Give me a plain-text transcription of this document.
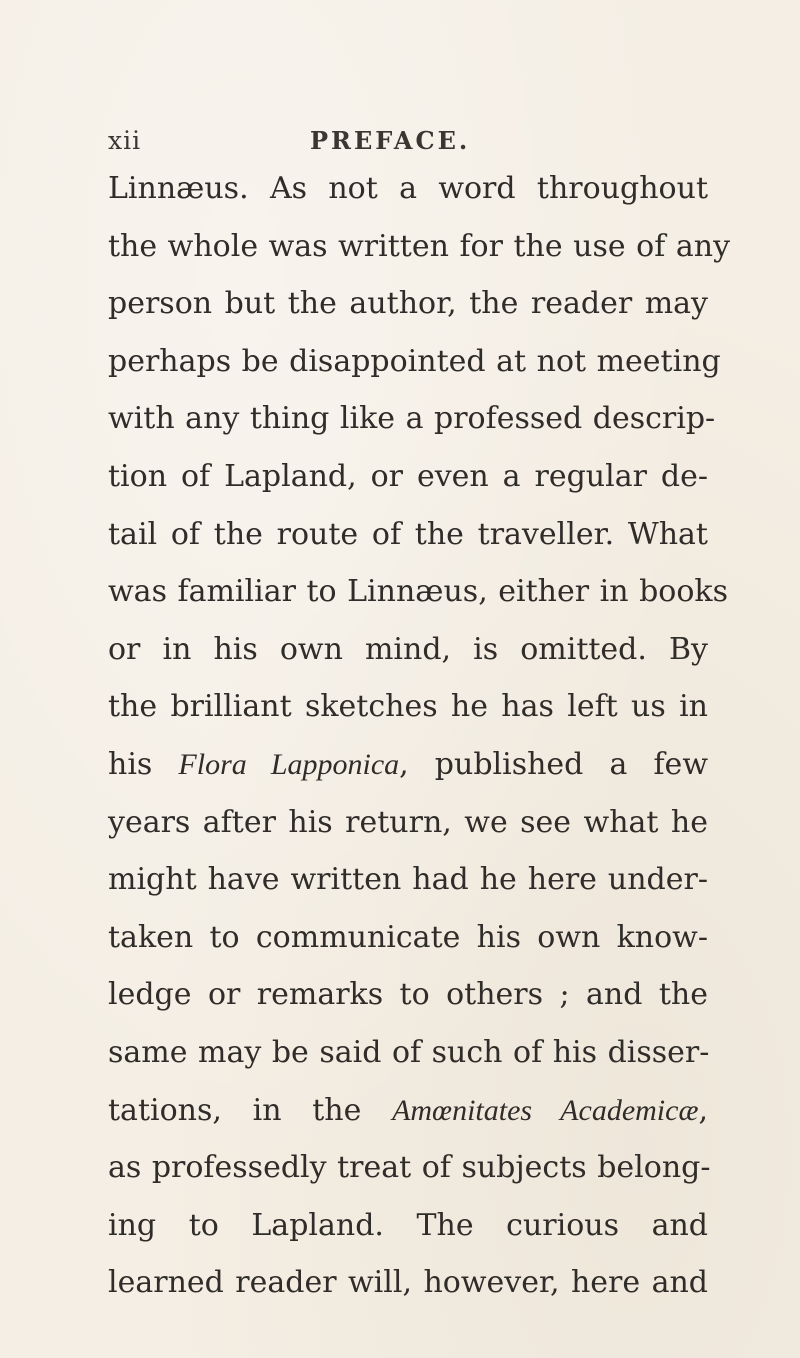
xii	PREFACE.
Linnæus. As not a word throughout
the whole was written for the use of any
person but the author, the reader may
perhaps be disappointed at not meeting
with any thing like a professed descrip-
tion of Lapland, or even a regular de-
tail of the route of the traveller. What
was familiar to Linnæus, either in books
or in his own mind, is omitted. By
the brilliant sketches he has left us in
his Flora Lapponica, published a few
years after his return, we see what he
might have written had he here under-
taken to communicate his own know-
ledge or remarks to others ; and the
same may be said of such of his disser-
tations, in the Amœnitates Academicæ,
as professedly treat of subjects belong-
ing to Lapland. The curious and
learned reader will, however, here and
